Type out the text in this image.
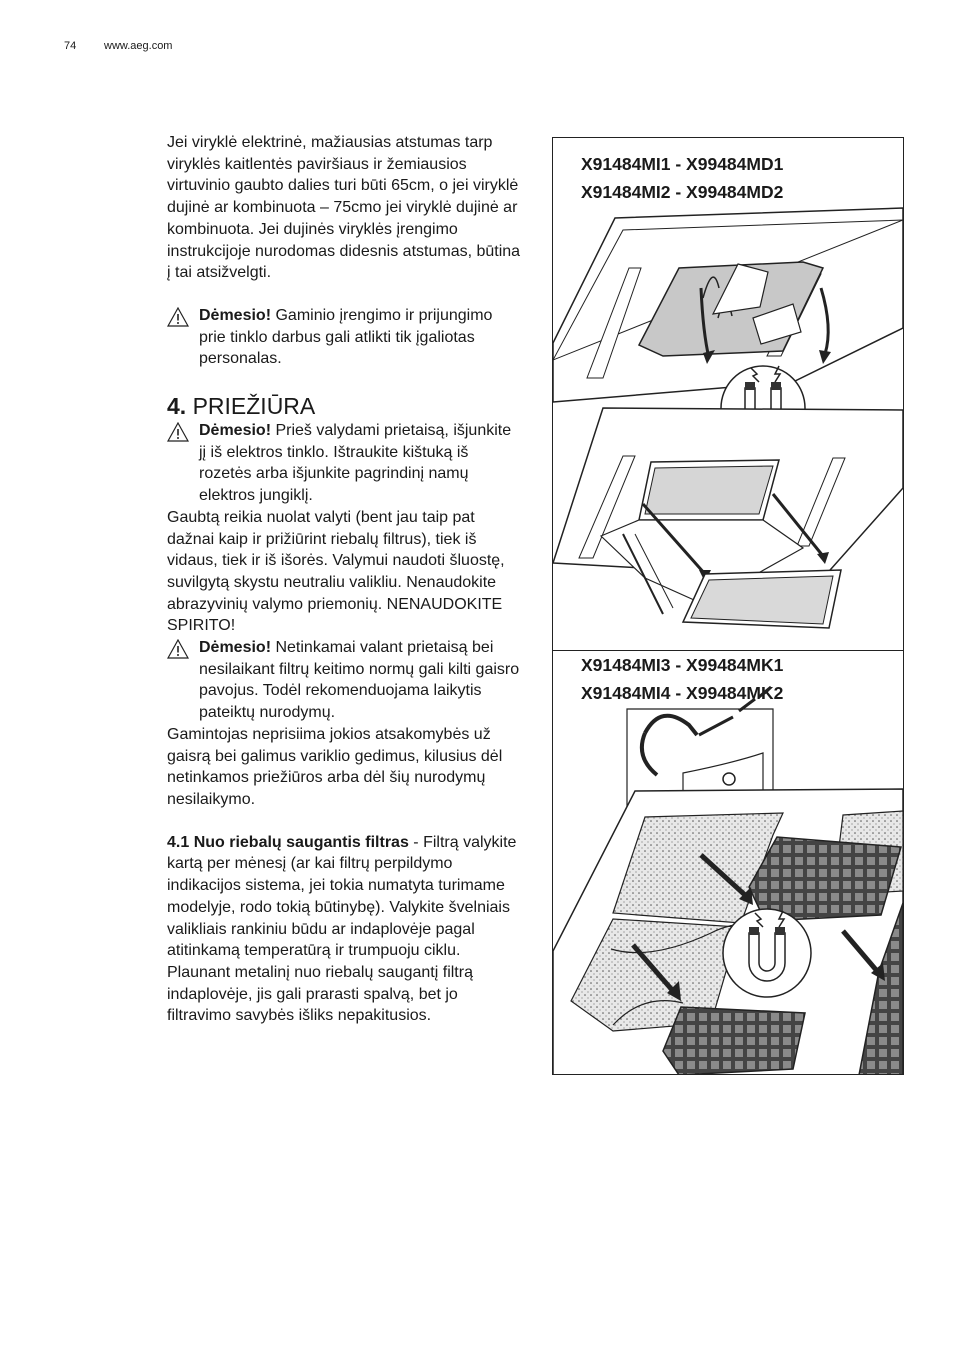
74	www.aeg.com

Jei viryklė elektrinė, mažiausias atstumas tarp viryklės kaitlentės paviršiaus ir žemiausios virtuvinio gaubto dalies turi būti 65cm, o jei viryklė dujinė ar kombinuota – 75cmo jei viryklė dujinė ar kombinuota. Jei dujinės viryklės įrengimo instrukcijoje nurodomas didesnis atstumas, būtina į tai atsižvelgti.

Dėmesio! Gaminio įrengimo ir prijungimo prie tinklo darbus gali atlikti tik įgaliotas personalas.
4. PRIEŽIŪRA
Dėmesio! Prieš valydami prietaisą, išjunkite jį iš elektros tinklo. Ištraukite kištuką iš rozetės arba išjunkite pagrindinį namų elektros jungiklį.

Gaubtą reikia nuolat valyti (bent jau taip pat dažnai kaip ir prižiūrint riebalų filtrus), tiek iš vidaus, tiek ir iš išorės. Valymui naudoti šluostę, suvilgytą skystu neutraliu valikliu. Nenaudokite abrazyvinių valymo priemonių. NENAUDOKITE SPIRITO!

Dėmesio! Netinkamai valant prietaisą bei nesilaikant filtrų keitimo normų gali kilti gaisro pavojus. Todėl rekomenduojama laikytis pateiktų nurodymų.

Gamintojas neprisiima jokios atsakomybės už gaisrą bei galimus variklio gedimus, kilusius dėl netinkamos priežiūros arba dėl šių nurodymų nesilaikymo.

4.1 Nuo riebalų saugantis filtras - Filtrą valykite kartą per mėnesį (ar kai filtrų perpildymo indikacijos sistema, jei tokia numatyta turimame modelyje, rodo tokią būtinybę). Valykite švelniais valikliais rankiniu būdu ar indaplovėje pagal atitinkamą temperatūrą ir trumpuoju ciklu. Plaunant metalinį nuo riebalų saugantį filtrą indaplovėje, jis gali prarasti spalvą, bet jo filtravimo savybės išliks nepakitusios.

X91484MI1 - X99484MD1
X91484MI2 - X99484MD2
X91484MI3 - X99484MK1
X91484MI4 - X99484MK2
